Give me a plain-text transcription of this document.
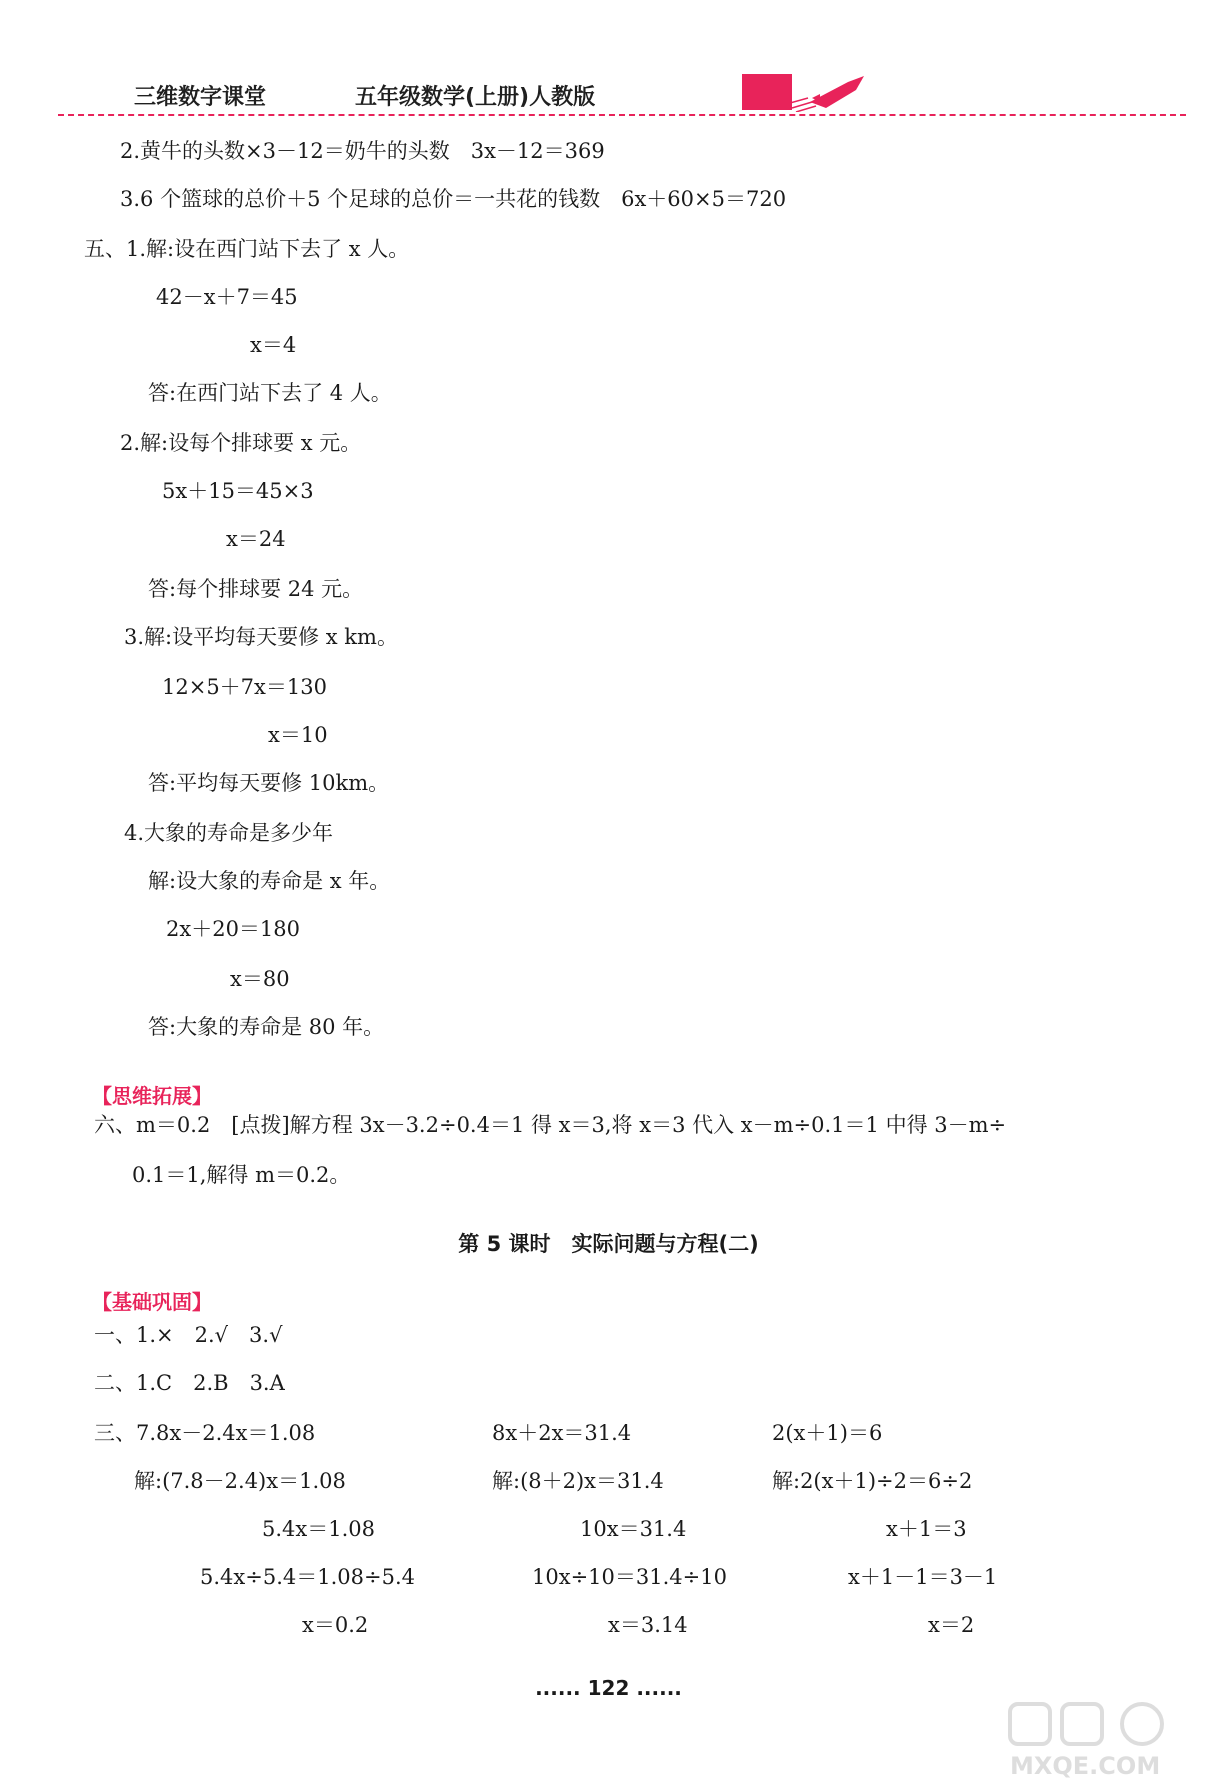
三维数字课堂	五年级数学(上册)人教版
2.黄牛的头数×3－12＝奶牛的头数　3x－12＝369
3.6 个篮球的总价＋5 个足球的总价＝一共花的钱数　6x＋60×5＝720
五、1.解:设在西门站下去了 x 人。
42－x＋7＝45
x＝4
答:在西门站下去了 4 人。
2.解:设每个排球要 x 元。
5x＋15＝45×3
x＝24
答:每个排球要 24 元。
3.解:设平均每天要修 x km。
12×5＋7x＝130
x＝10
答:平均每天要修 10km。
4.大象的寿命是多少年
解:设大象的寿命是 x 年。
2x＋20＝180
x＝80
答:大象的寿命是 80 年。
六、m＝0.2　[点拨]解方程 3x－3.2÷0.4＝1 得 x＝3,将 x＝3 代入 x－m÷0.1＝1 中得 3－m÷
0.1＝1,解得 m＝0.2。
一、1.×　2.√　3.√
二、1.C　2.B　3.A
三、7.8x－2.4x＝1.08	8x＋2x＝31.4	2(x＋1)＝6
解:(7.8－2.4)x＝1.08	解:(8＋2)x＝31.4	解:2(x＋1)÷2＝6÷2
5.4x＝1.08	10x＝31.4	x＋1＝3
5.4x÷5.4＝1.08÷5.4	10x÷10＝31.4÷10	x＋1－1＝3－1
x＝0.2	x＝3.14	x＝2
【思维拓展】
第 5 课时　实际问题与方程(二)
【基础巩固】
...... 122 ......
MXQE.COM
